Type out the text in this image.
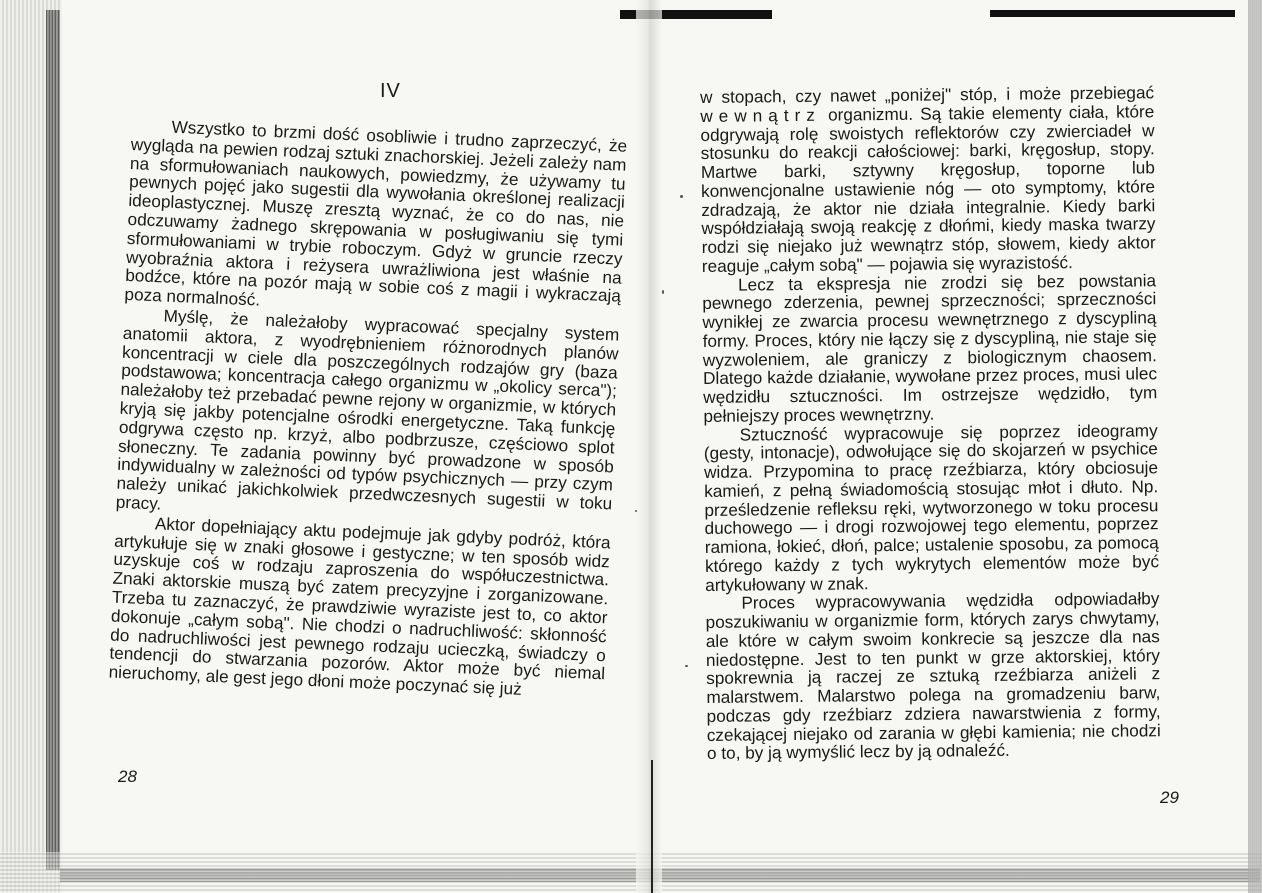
IV

Wszystko to brzmi dość osobliwie i trudno zaprzeczyć, że wygląda na pewien rodzaj sztuki znachorskiej. Jeżeli zależy nam na sformułowaniach naukowych, powiedzmy, że używamy tu pewnych pojęć jako sugestii dla wywołania określonej realizacji ideoplastycznej. Muszę zresztą wyznać, że co do nas, nie odczuwamy żadnego skrępowania w posługiwaniu się tymi sformułowaniami w trybie roboczym. Gdyż w gruncie rzeczy wyobraźnia aktora i reżysera uwrażliwiona jest właśnie na bodźce, które na pozór mają w sobie coś z magii i wykraczają poza normalność.

Myślę, że należałoby wypracować specjalny system anatomii aktora, z wyodrębnieniem różnorodnych planów koncentracji w ciele dla poszczególnych rodzajów gry (baza podstawowa; koncentracja całego organizmu w „okolicy serca"); należałoby też przebadać pewne rejony w organizmie, w których kryją się jakby potencjalne ośrodki energetyczne. Taką funkcję odgrywa często np. krzyż, albo podbrzusze, częściowo splot słoneczny. Te zadania powinny być prowadzone w sposób indywidualny w zależności od typów psychicznych — przy czym należy unikać jakichkolwiek przedwczesnych sugestii w toku pracy.

Aktor dopełniający aktu podejmuje jak gdyby podróż, która artykułuje się w znaki głosowe i gestyczne; w ten sposób widz uzyskuje coś w rodzaju zaproszenia do współuczestnictwa. Znaki aktorskie muszą być zatem precyzyjne i zorganizowane. Trzeba tu zaznaczyć, że prawdziwie wyraziste jest to, co aktor dokonuje „całym sobą". Nie chodzi o nadruchliwość: skłonność do nadruchliwości jest pewnego rodzaju ucieczką, świadczy o tendencji do stwarzania pozorów. Aktor może być niemal nieruchomy, ale gest jego dłoni może poczynać się już

28

w stopach, czy nawet „poniżej" stóp, i może przebiegać wewnątrz organizmu. Są takie elementy ciała, które odgrywają rolę swoistych reflektorów czy zwierciadeł w stosunku do reakcji całościowej: barki, kręgosłup, stopy. Martwe barki, sztywny kręgosłup, toporne lub konwencjonalne ustawienie nóg — oto symptomy, które zdradzają, że aktor nie działa integralnie. Kiedy barki współdziałają swoją reakcję z dłońmi, kiedy maska twarzy rodzi się niejako już wewnątrz stóp, słowem, kiedy aktor reaguje „całym sobą" — pojawia się wyrazistość.

Lecz ta ekspresja nie zrodzi się bez powstania pewnego zderzenia, pewnej sprzeczności; sprzeczności wynikłej ze zwarcia procesu wewnętrznego z dyscypliną formy. Proces, który nie łączy się z dyscypliną, nie staje się wyzwoleniem, ale graniczy z biologicznym chaosem. Dlatego każde działanie, wywołane przez proces, musi ulec wędzidłu sztuczności. Im ostrzejsze wędzidło, tym pełniejszy proces wewnętrzny.

Sztuczność wypracowuje się poprzez ideogramy (gesty, intonacje), odwołujące się do skojarzeń w psychice widza. Przypomina to pracę rzeźbiarza, który obciosuje kamień, z pełną świadomością stosując młot i dłuto. Np. prześledzenie refleksu ręki, wytworzonego w toku procesu duchowego — i drogi rozwojowej tego elementu, poprzez ramiona, łokieć, dłoń, palce; ustalenie sposobu, za pomocą którego każdy z tych wykrytych elementów może być artykułowany w znak.

Proces wypracowywania wędzidła odpowiadałby poszukiwaniu w organizmie form, których zarys chwytamy, ale które w całym swoim konkrecie są jeszcze dla nas niedostępne. Jest to ten punkt w grze aktorskiej, który spokrewnia ją raczej ze sztuką rzeźbiarza aniżeli z malarstwem. Malarstwo polega na gromadzeniu barw, podczas gdy rzeźbiarz zdziera nawarstwienia z formy, czekającej niejako od zarania w głębi kamienia; nie chodzi o to, by ją wymyślić lecz by ją odnaleźć.

29
